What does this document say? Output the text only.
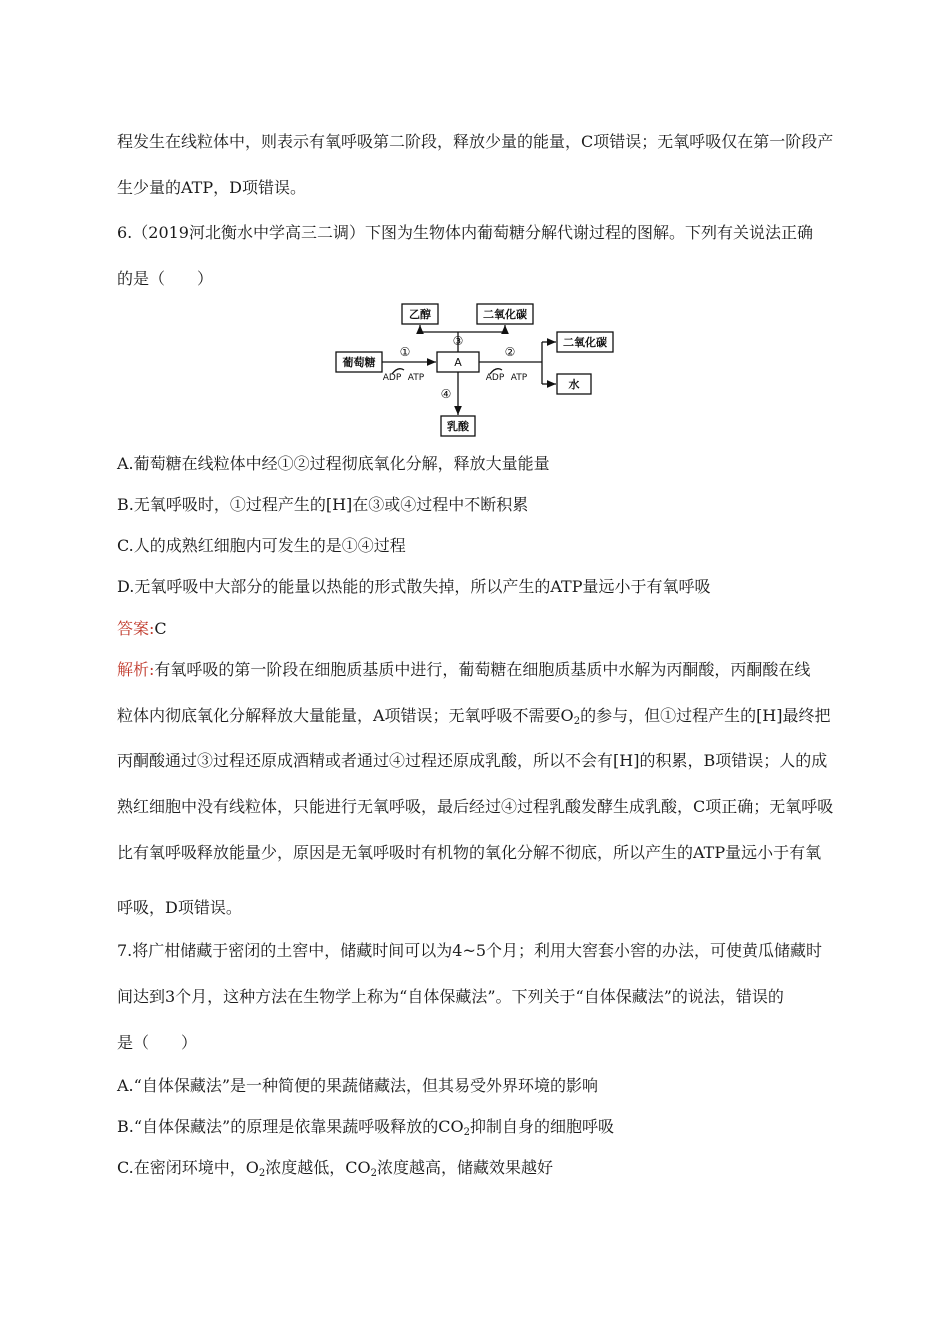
程发生在线粒体中，则表示有氧呼吸第二阶段，释放少量的能量，C项错误；无氧呼吸仅在第一阶段产
生少量的ATP，D项错误。
6.（2019河北衡水中学高三二调）下图为生物体内葡萄糖分解代谢过程的图解。下列有关说法正确
的是（　　）
葡萄糖
乙醇	二氧化碳
A
二氧化碳
水
乳酸
①	②
③
④
ADP ATP	ADP ATP
A.葡萄糖在线粒体中经①②过程彻底氧化分解，释放大量能量
B.无氧呼吸时，①过程产生的[H]在③或④过程中不断积累
C.人的成熟红细胞内可发生的是①④过程
D.无氧呼吸中大部分的能量以热能的形式散失掉，所以产生的ATP量远小于有氧呼吸
答案:C
解析:有氧呼吸的第一阶段在细胞质基质中进行，葡萄糖在细胞质基质中水解为丙酮酸，丙酮酸在线
粒体内彻底氧化分解释放大量能量，A项错误；无氧呼吸不需要$O_2$的参与，但①过程产生的[H]最终把
丙酮酸通过③过程还原成酒精或者通过④过程还原成乳酸，所以不会有[H]的积累，B项错误；人的成
熟红细胞中没有线粒体，只能进行无氧呼吸，最后经过④过程乳酸发酵生成乳酸，C项正确；无氧呼吸
比有氧呼吸释放能量少，原因是无氧呼吸时有机物的氧化分解不彻底，所以产生的ATP量远小于有氧
呼吸，D项错误。
7.将广柑储藏于密闭的土窖中，储藏时间可以为4~5个月；利用大窖套小窖的办法，可使黄瓜储藏时
间达到3个月，这种方法在生物学上称为“自体保藏法”。下列关于“自体保藏法”的说法，错误的
是（　　）
A.“自体保藏法”是一种简便的果蔬储藏法，但其易受外界环境的影响
B.“自体保藏法”的原理是依靠果蔬呼吸释放的$CO_2$抑制自身的细胞呼吸
C.在密闭环境中，$O_2$浓度越低，$CO_2$浓度越高，储藏效果越好
